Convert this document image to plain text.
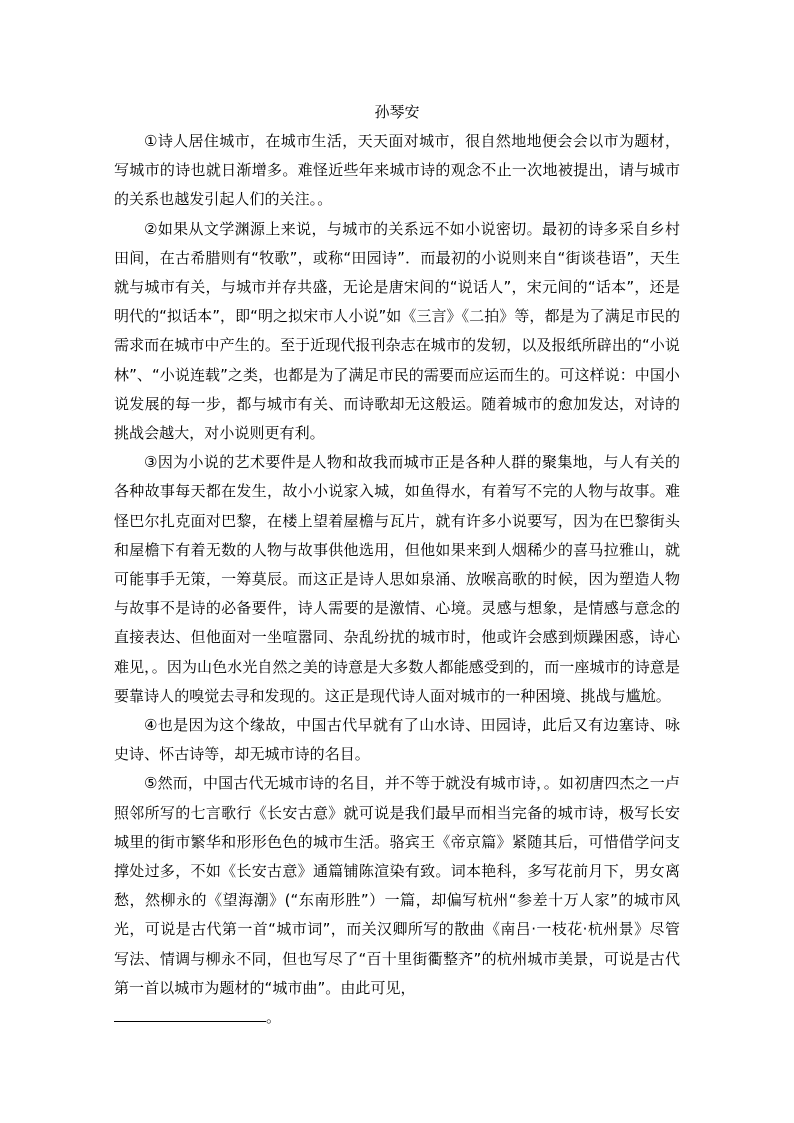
孙琴安

①诗人居住城市，在城市生活，天天面对城市，很自然地地便会会以市为题材，写城市的诗也就日渐增多。难怪近些年来城市诗的观念不止一次地被提出，请与城市的关系也越发引起人们的关注。。

②如果从文学渊源上来说，与城市的关系远不如小说密切。最初的诗多采自乡村田间，在古希腊则有“牧歌”，或称“田园诗”．而最初的小说则来自“街谈巷语”，天生就与城市有关，与城市并存共盛，无论是唐宋间的“说话人”，宋元间的“话本”，还是明代的“拟话本”，即“明之拟宋市人小说”如《三言》《二拍》等，都是为了满足市民的需求而在城市中产生的。至于近现代报刊杂志在城市的发轫，以及报纸所辟出的“小说林”、“小说连载”之类，也都是为了满足市民的需要而应运而生的。可这样说：中国小说发展的每一步，都与城市有关、而诗歌却无这般运。随着城市的愈加发达，对诗的挑战会越大，对小说则更有利。

③因为小说的艺术要件是人物和故我而城市正是各种人群的聚集地，与人有关的各种故事每天都在发生，故小小说家入城，如鱼得水，有着写不完的人物与故事。难怪巴尔扎克面对巴黎，在楼上望着屋檐与瓦片，就有许多小说要写，因为在巴黎街头和屋檐下有着无数的人物与故事供他选用，但他如果来到人烟稀少的喜马拉雅山，就可能事手无策，一筹莫辰。而这正是诗人思如泉涌、放喉高歌的时候，因为塑造人物与故事不是诗的必备要件，诗人需要的是激情、心境。灵感与想象，是情感与意念的直接表达、但他面对一坐喧嚣同、杂乱纷扰的城市时，他或许会感到烦躁困惑，诗心难见，。因为山色水光自然之美的诗意是大多数人都能感受到的，而一座城市的诗意是要靠诗人的嗅觉去寻和发现的。这正是现代诗人面对城市的一种困境、挑战与尴尬。

④也是因为这个缘故，中国古代早就有了山水诗、田园诗，此后又有边塞诗、咏史诗、怀古诗等，却无城市诗的名目。

⑤然而，中国古代无城市诗的名目，并不等于就没有城市诗，。如初唐四杰之一卢照邻所写的七言歌行《长安古意》就可说是我们最早而相当完备的城市诗，极写长安城里的街市繁华和形形色色的城市生活。骆宾王《帝京篇》紧随其后，可惜借学问支撑处过多，不如《长安古意》通篇铺陈渲染有致。词本艳科，多写花前月下，男女离愁，然柳永的《望海潮》(“东南形胜”）一篇，却偏写杭州“参差十万人家”的城市风光，可说是古代第一首“城市词”，而关汉卿所写的散曲《南吕·一枝花·杭州景》尽管写法、情调与柳永不同，但也写尽了“百十里街衢整齐”的杭州城市美景，可说是古代第一首以城市为题材的“城市曲”。由此可见，

。
